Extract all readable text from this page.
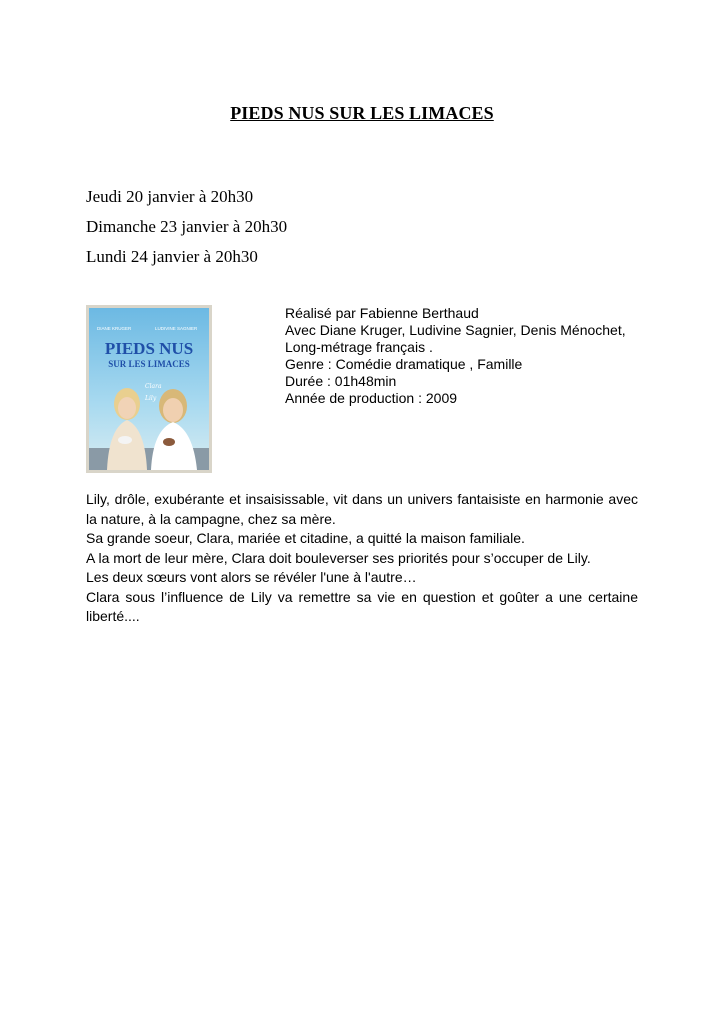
PIEDS NUS SUR LES LIMACES
Jeudi 20 janvier à 20h30
Dimanche 23 janvier à 20h30
Lundi 24 janvier à 20h30
DIANE KRUGER	LUDIVINE SAGNIER
PIEDS NUS
SUR LES LIMACES
Clara
Lily
Réalisé par Fabienne Berthaud
Avec Diane Kruger, Ludivine Sagnier, Denis Ménochet,
Long-métrage français .
Genre : Comédie dramatique , Famille
Durée : 01h48min
Année de production : 2009

Lily, drôle, exubérante et insaisissable, vit dans un univers fantaisiste en harmonie avec la nature, à la campagne, chez sa mère.

Sa grande soeur, Clara, mariée et citadine, a quitté la maison familiale.

A la mort de leur mère, Clara doit bouleverser ses priorités pour s’occuper de Lily.

Les deux sœurs vont alors se révéler l'une à l'autre…

Clara sous l’influence de Lily va remettre sa vie en question et goûter a une certaine liberté....
